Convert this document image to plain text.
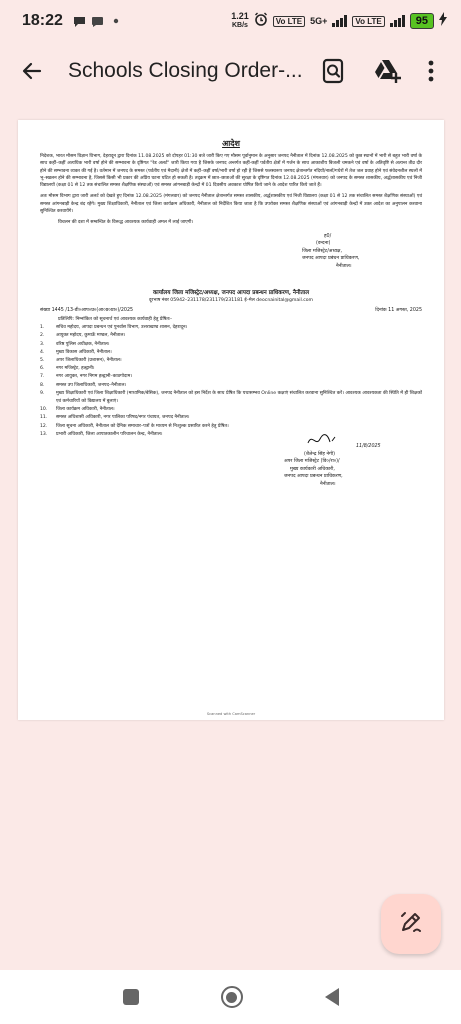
18:22	1.21
KB/s	Vo LTE 5G+	Vo LTE	95
Schools Closing Order-...
आदेश

निदेशक, भारत मौसम विज्ञान विभाग, देहरादून द्वारा दिनांक 11.08.2025 को दोपहर 01:30 बजे जारी किए गए मौसम पूर्वानुमान के अनुसार जनपद नैनीताल में दिनांक 12.08.2025 को कुछ स्थानों में भारी से बहुत भारी वर्षा के साथ कहीं–कहीं अत्यधिक भारी वर्षा होने की सम्भावना के दृष्टिगत "रेड अलर्ट" जारी किया गया है जिसके जनपद अन्तर्गत कहीं-कहीं पर्वतीय क्षेत्रों में गर्जन के साथ आकाशीय बिजली चमकने एवं वर्षा के अतिवृष्टि से अत्यन्त तीव्र दौर होने की सम्भावना व्यक्त की गई है। वर्तमान में जनपद के समस्त (पर्वतीय एवं मैदानी) क्षेत्रों में कहीं–कहीं वर्षा/भारी वर्षा हो रही है जिससे फलस्वरूप जनपद क्षेत्रान्तर्गत नदियों/नालों/गधेरों में तेज जल प्रवाह होने एवं संवेदनशील स्थलों में भू–स्खलन होने की सम्भावना है, जिससे किसी भी प्रकार की अप्रिय घटना घटित हो सकती है। तद्क्रम में छात्र–छात्राओं की सुरक्षा के दृष्टिगत दिनांक 12.08.2025 (मंगलवार) को जनपद के समस्त शासकीय, अर्द्धशासकीय एवं निजी विद्यालयों (कक्षा 01 से 12 तक संचालित समस्त शैक्षणिक संस्थाओं) एवं समस्त आंगनबाड़ी केन्द्रों में 01 दिवसीय अवकाश घोषित किये जाने के आदेश पारित किये जाते हैं।

अतः मौसम विभाग द्वारा जारी अलर्ट को देखते हुए दिनांक 12.08.2025 (मंगलवार) को जनपद नैनीताल क्षेत्रान्तर्गत समस्त शासकीय, अर्द्धशासकीय एवं निजी विद्यालय (कक्षा 01 से 12 तक संचालित समस्त शैक्षणिक संस्थाओं) एवं समस्त आंगनबाड़ी केन्द्र बंद रहेंगे। मुख्य शिक्षाधिकारी, नैनीताल एवं जिला कार्यक्रम अधिकारी, नैनीताल को निर्देशित किया जाता है कि उपरोक्त समस्त शैक्षणिक संस्थाओं एवं आंगनबाड़ी केन्द्रों में उक्त आदेश का अनुपालन करवाना सुनिश्चित करवायेंगे।

विचलन की दशा में सम्बन्धित के विरूद्ध आवश्यक कार्यवाही अमल में लाई जाएगी।

ह0/
(वन्दना)
जिला मजिस्ट्रेट/अध्यक्ष,
जनपद आपदा प्रबंधन प्राधिकरण,
नैनीताल।
कार्यालय जिला मजिस्ट्रेट/अध्यक्ष, जनपद आपदा प्रबन्धन प्राधिकरण, नैनीताल
दूरभाष नंबर 05942–231178/231179/231181 ई–मेल deocnainital@gmail.com
संख्या 1445 /13-डी०आप०प्र०(आ०प्र०प्रा०)/2025	दिनांक 11 अगस्त, 2025
प्रतिलिपि: निम्नांकित को सूचनार्थ एवं आवश्यक कार्यवाही हेतु प्रेषितः–
1.	सचिव महोदय, आपदा प्रबन्धन एवं पुनर्वास विभाग, उत्तराखण्ड शासन, देहरादून।
2.	आयुक्त महोदय, कुमाऊँ मण्डल, नैनीताल।
3.	वरिष्ठ पुलिस अधीक्षक, नैनीताल।
4.	मुख्य विकास अधिकारी, नैनीताल।
5.	अपर जिलाधिकारी (प्रशासन), नैनीताल।
6.	नगर मजिस्ट्रेट, हल्द्वानी।
7.	नगर आयुक्त, नगर निगम हल्द्वानी–काठगोदाम।
8.	समस्त उप जिलाधिकारी, जनपद–नैनीताल।
9.	मुख्य शिक्षाधिकारी एवं जिला शिक्षाधिकारी (माध्यमिक/बेसिक), जनपद नैनीताल को इस निर्देश के साथ प्रेषित कि यथासम्भव Online कक्षाएं संचालित करवाना सुनिश्चित करें। आवश्यक आवश्यकता की स्थिति में ही शिक्षकों एवं कर्मचारियों को विद्यालय में बुलाएं।
10.	जिला कार्यक्रम अधिकारी, नैनीताल।
11.	समस्त अधिशासी अधिकारी, नगर पालिका परिषद/नगर पंचायत, जनपद नैनीताल।
12.	जिला सूचना अधिकारी, नैनीताल को दैनिक समाचार–पत्रों के माध्यम से निःशुल्क प्रसारित करने हेतु प्रेषित।
13.	प्रभारी अधिकारी, जिला आपातकालीन परिचालन केन्द्र, नैनीताल।
11/8/2025
(शैलेन्द्र सिंह नेगी)
अपर जिला मजिस्ट्रेट (वि०/रा०)/
मुख्य कार्यकारी अधिकारी,
जनपद आपदा प्रबन्धन प्राधिकरण,
नैनीताल।
Scanned with CamScanner
